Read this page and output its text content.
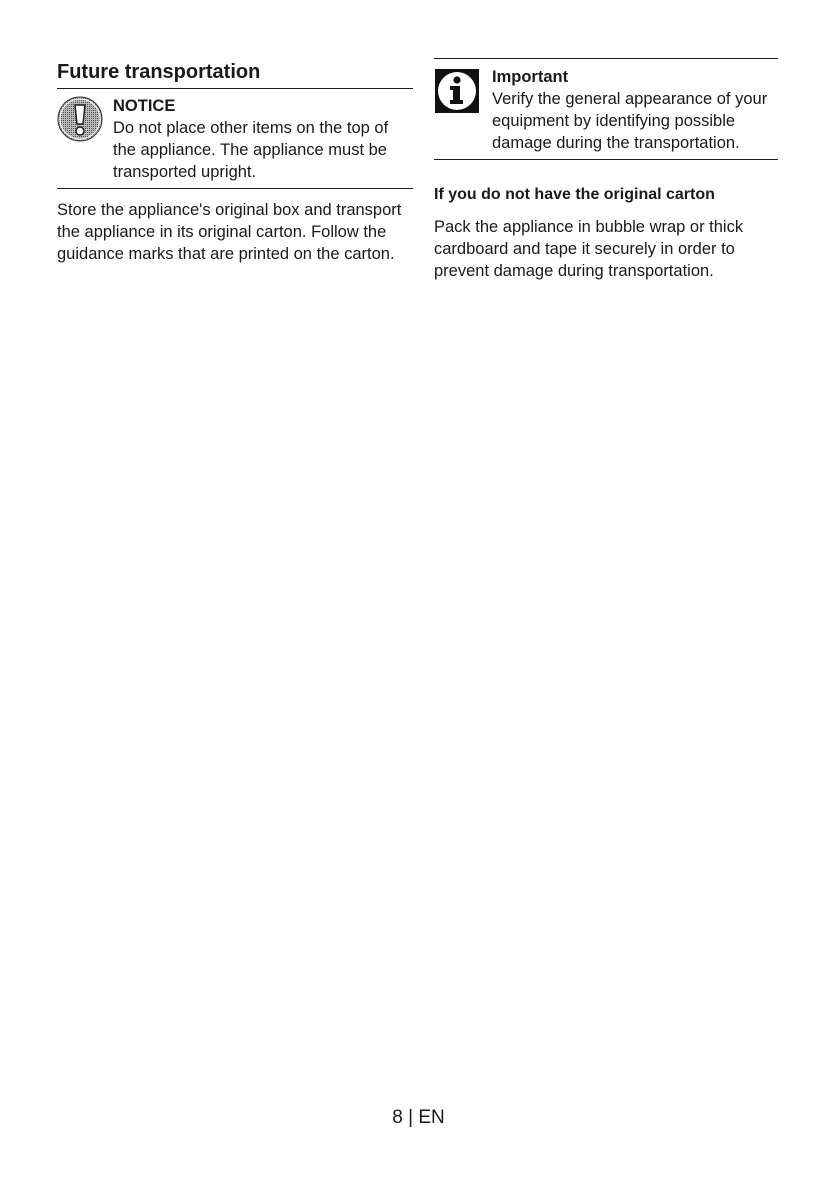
Future transportation
NOTICE
Do not place other items on the top of the appliance. The appliance must be transported upright.

Store the appliance's original box and transport the appliance in its original carton. Follow the guidance marks that are printed on the carton.

Important
Verify the general appearance of your equipment by identifying possible damage during the transportation.

If you do not have the original carton

Pack the appliance in bubble wrap or thick cardboard and tape it securely in order to prevent damage during transportation.

8 | EN
